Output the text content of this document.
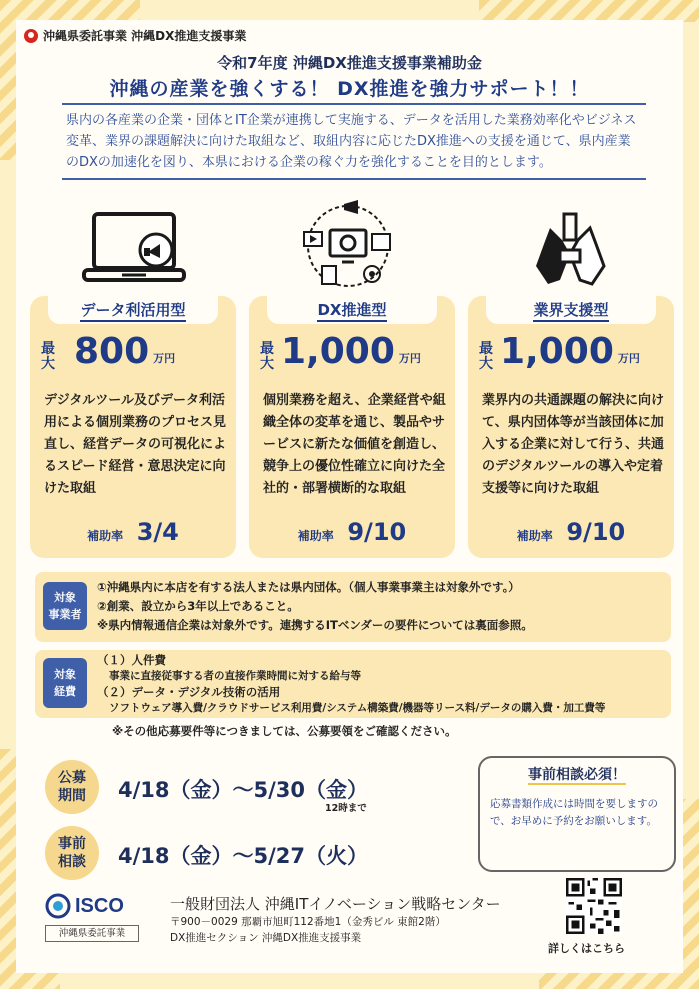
沖縄県委託事業 沖縄DX推進支援事業
令和7年度 沖縄DX推進支援事業補助金
沖縄の産業を強くする！ DX推進を強力サポート！！
県内の各産業の企業・団体とIT企業が連携して実施する、データを活用した業務効率化やビジネス変革、業界の課題解決に向けた取組など、取組内容に応じたDX推進への支援を通じて、県内産業のDXの加速化を図り、本県における企業の稼ぐ力を強化することを目的とします。
データ利活用型
最大 800 万円
デジタルツール及びデータ利活用による個別業務のプロセス見直し、経営データの可視化によるスピード経営・意思決定に向けた取組
補助率 3/4
DX推進型
最大 1,000 万円
個別業務を超え、企業経営や組織全体の変革を通じ、製品やサービスに新たな価値を創造し、競争上の優位性確立に向けた全社的・部署横断的な取組
補助率 9/10
業界支援型
最大 1,000 万円
業界内の共通課題の解決に向けて、県内団体等が当該団体に加入する企業に対して行う、共通のデジタルツールの導入や定着支援等に向けた取組
補助率 9/10
対象
事業者
①沖縄県内に本店を有する法人または県内団体。（個人事業事業主は対象外です。）
②創業、設立から3年以上であること。
※県内情報通信企業は対象外です。連携するITベンダーの要件については裏面参照。
対象
経費
（１）人件費
事業に直接従事する者の直接作業時間に対する給与等
（２）データ・デジタル技術の活用
ソフトウェア導入費/クラウドサービス利用費/システム構築費/機器等リース料/データの購入費・加工費等
※その他応募要件等につきましては、公募要領をご確認ください。
公募
期間 4/18（金）～5/30（金）
12時まで
事前
相談 4/18（金）～5/27（火）
事前相談必須！
応募書類作成には時間を要しますので、お早めに予約をお願いします。
ISCO
沖縄県委託事業
一般財団法人 沖縄ITイノベーション戦略センター
〒900－0029 那覇市旭町112番地1（金秀ビル 東館2階）
DX推進セクション 沖縄DX推進支援事業
詳しくはこちら
